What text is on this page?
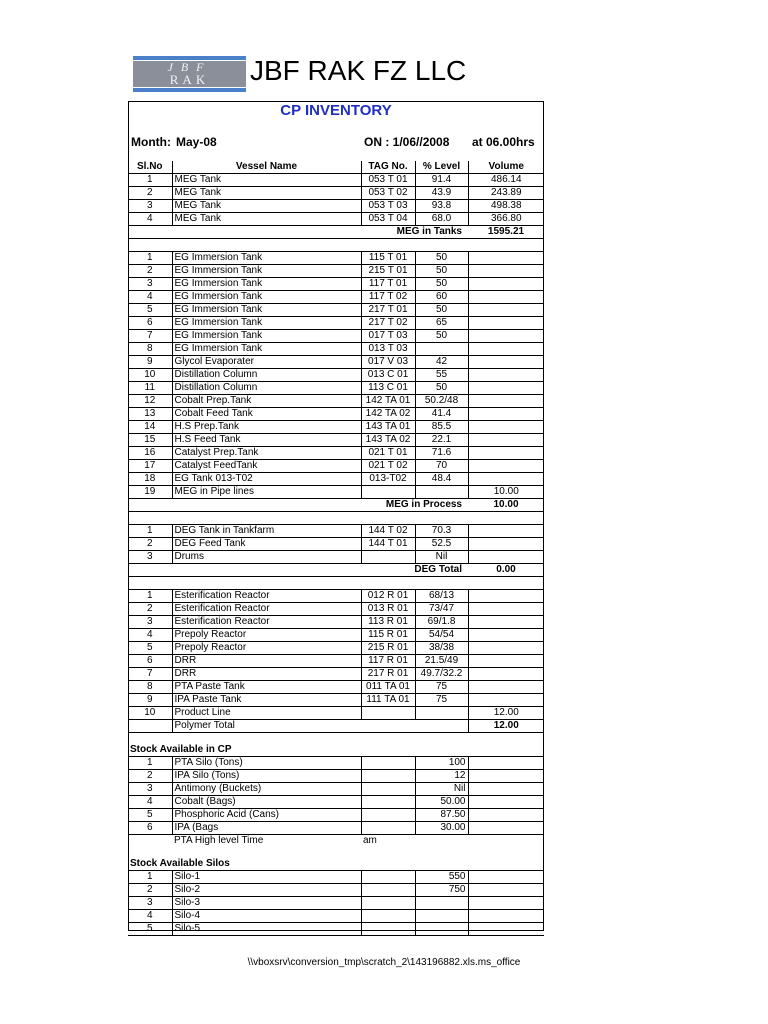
JBF
RAK	JBF RAK FZ LLC
CP INVENTORY
Month: May-08	ON : 1/06//2008 at 06.00hrs
Sl.No	Vessel Name	TAG No.	% Level	Volume
1	MEG Tank	053 T 01	91.4	486.14
2	MEG Tank	053 T 02	43.9	243.89
3	MEG Tank	053 T 03	93.8	498.38
4	MEG Tank	053 T 04	68.0	366.80
MEG in Tanks				1595.21

1	EG Immersion Tank	115 T 01	50	
2	EG Immersion Tank	215 T 01	50	
3	EG Immersion Tank	117 T 01	50	
4	EG Immersion Tank	117 T 02	60	
5	EG Immersion Tank	217 T 01	50	
6	EG Immersion Tank	217 T 02	65	
7	EG Immersion Tank	017 T 03	50	
8	EG Immersion Tank	013 T 03		
9	Glycol Evaporater	017 V 03	42	
10	Distillation Column	013 C 01	55	
11	Distillation Column	113 C 01	50	
12	Cobalt Prep.Tank	142 TA 01	50.2/48	
13	Cobalt Feed Tank	142 TA 02	41.4	
14	H.S Prep.Tank	143 TA 01	85.5	
15	H.S Feed Tank	143 TA 02	22.1	
16	Catalyst Prep.Tank	021 T 01	71.6	
17	Catalyst FeedTank	021 T 02	70	
18	EG Tank 013-T02	013-T02	48.4	
19	MEG in Pipe lines			10.00
MEG in Process				10.00

1	DEG Tank in Tankfarm	144 T 02	70.3	
2	DEG Feed Tank	144 T 01	52.5	
3	Drums		Nil	
DEG Total				0.00

1	Esterification Reactor	012 R 01	68/13	
2	Esterification Reactor	013 R 01	73/47	
3	Esterification Reactor	113 R 01	69/1.8	
4	Prepoly Reactor	115 R 01	54/54	
5	Prepoly Reactor	215 R 01	38/38	
6	DRR	117 R 01	21.5/49	
7	DRR	217 R 01	49.7/32.2	
8	PTA Paste Tank	011 TA 01	75	
9	IPA Paste Tank	111 TA 01	75	
10	Product Line			12.00
	Polymer Total			12.00
Stock Available in CP				
1	PTA Silo (Tons)		100	
2	IPA Silo (Tons)		12	
3	Antimony (Buckets)		Nil	
4	Cobalt (Bags)		50.00	
5	Phosphoric Acid (Cans)		87.50	
6	IPA (Bags		30.00	
	PTA High level Time	am		
Stock Available Silos				
1	Silo-1		550	
2	Silo-2		750	
3	Silo-3			
4	Silo-4			
5	Silo-5			
\\vboxsrv\conversion_tmp\scratch_2\143196882.xls.ms_office
